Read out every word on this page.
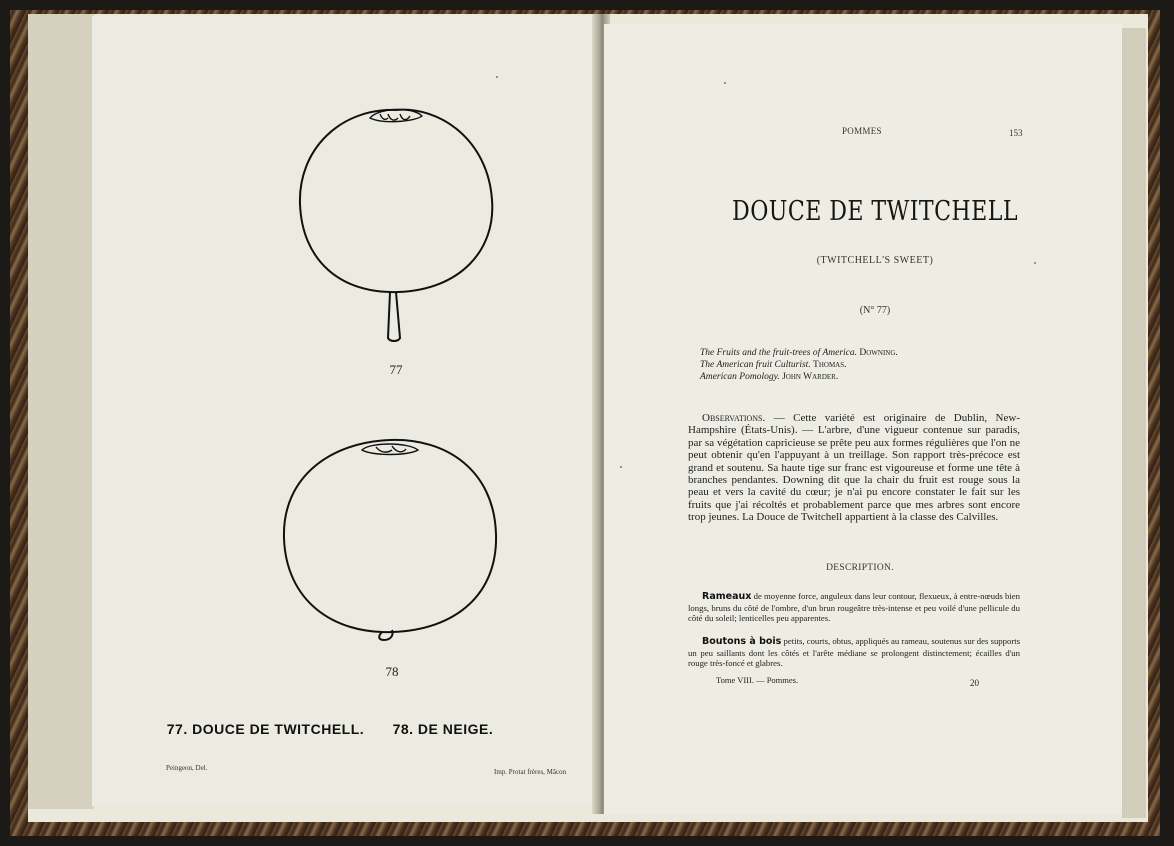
77
78
77. DOUCE DE TWITCHELL. 78. DE NEIGE.
Peingeon, Del.	Imp. Protat frères, Mâcon
POMMES	153
DOUCE DE TWITCHELL
(TWITCHELL'S SWEET)
(N° 77)
The Fruits and the fruit-trees of America. Downing.
The American fruit Culturist. Thomas.
American Pomology. John Warder.
Observations. — Cette variété est originaire de Dublin, New-Hampshire (États-Unis). — L'arbre, d'une vigueur contenue sur paradis, par sa végétation capricieuse se prête peu aux formes régulières que l'on ne peut obtenir qu'en l'appuyant à un treillage. Son rapport très-précoce est grand et soutenu. Sa haute tige sur franc est vigoureuse et forme une tête à branches pendantes. Downing dit que la chair du fruit est rouge sous la peau et vers la cavité du cœur; je n'ai pu encore constater le fait sur les fruits que j'ai récoltés et probablement parce que mes arbres sont encore trop jeunes. La Douce de Twitchell appartient à la classe des Calvilles.
DESCRIPTION.
Rameaux de moyenne force, anguleux dans leur contour, flexueux, à entre-nœuds bien longs, bruns du côté de l'ombre, d'un brun rougeâtre très-intense et peu voilé d'une pellicule du côté du soleil; lenticelles peu apparentes.
Boutons à bois petits, courts, obtus, appliqués au rameau, soutenus sur des supports un peu saillants dont les côtés et l'arête médiane se prolongent distinctement; écailles d'un rouge très-foncé et glabres.
Tome VIII. — Pommes.	20
